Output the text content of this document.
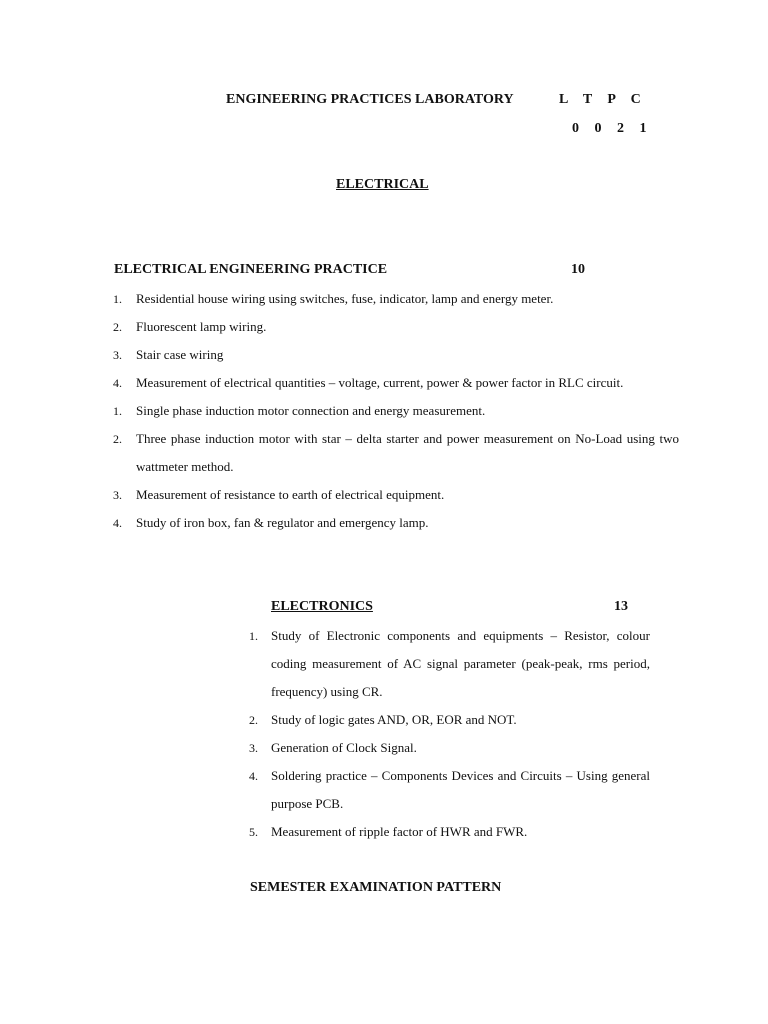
ENGINEERING PRACTICES LABORATORY	L T P C
0 0 2 1
ELECTRICAL
ELECTRICAL ENGINEERING PRACTICE	10
1. Residential house wiring using switches, fuse, indicator, lamp and energy meter.
2. Fluorescent lamp wiring.
3. Stair case wiring
4. Measurement of electrical quantities – voltage, current, power & power factor in RLC circuit.
1. Single phase induction motor connection and energy measurement.
2. Three phase induction motor with star – delta starter and power measurement on No-Load using two wattmeter method.
3. Measurement of resistance to earth of electrical equipment.
4. Study of iron box, fan & regulator and emergency lamp.
ELECTRONICS	13
1. Study of Electronic components and equipments – Resistor, colour coding measurement of AC signal parameter (peak-peak, rms period, frequency) using CR.
2. Study of logic gates AND, OR, EOR and NOT.
3. Generation of Clock Signal.
4. Soldering practice – Components Devices and Circuits – Using general purpose PCB.
5. Measurement of ripple factor of HWR and FWR.
SEMESTER EXAMINATION PATTERN
